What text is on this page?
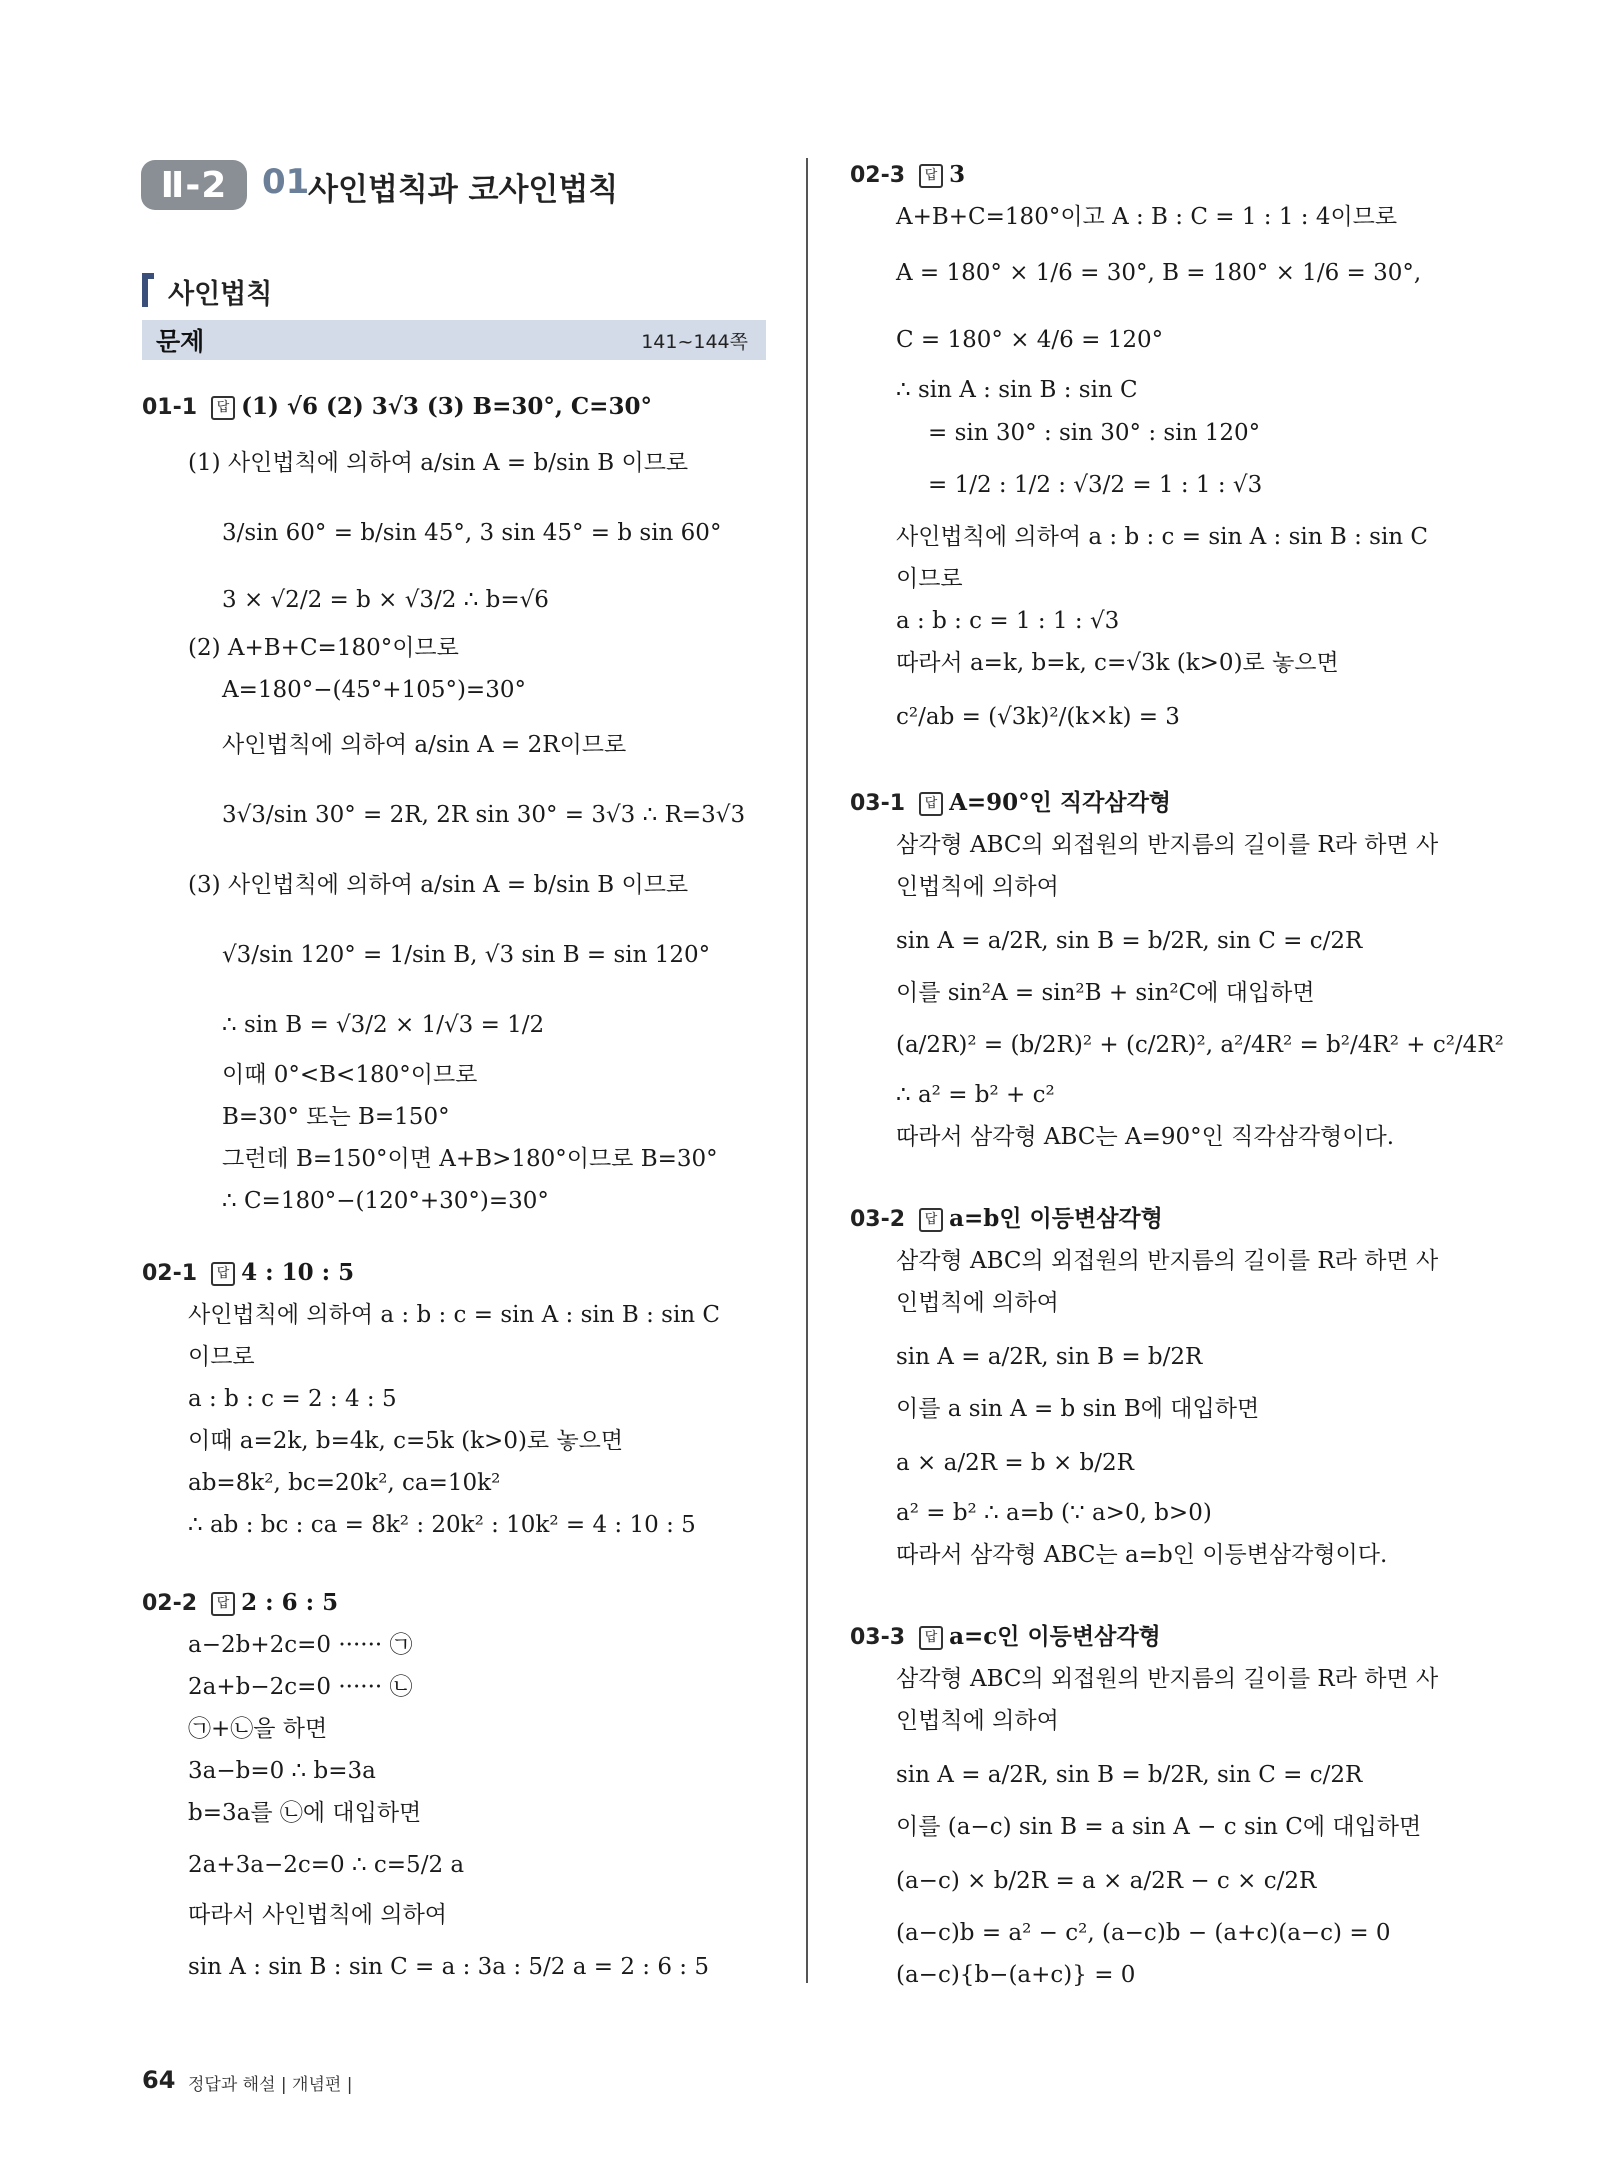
Ⅱ-2	01
사인법칙과 코사인법칙
사인법칙
문제	141~144쪽
01-1 답 (1) √6 (2) 3√3 (3) B=30°, C=30°
(1) 사인법칙에 의하여 a/sin A = b/sin B 이므로
3/sin 60° = b/sin 45°, 3 sin 45° = b sin 60°
3 × √2/2 = b × √3/2 ∴ b=√6
(2) A+B+C=180°이므로
A=180°−(45°+105°)=30°
사인법칙에 의하여 a/sin A = 2R이므로
3√3/sin 30° = 2R, 2R sin 30° = 3√3 ∴ R=3√3
(3) 사인법칙에 의하여 a/sin A = b/sin B 이므로
√3/sin 120° = 1/sin B, √3 sin B = sin 120°
∴ sin B = √3/2 × 1/√3 = 1/2
이때 0°<B<180°이므로
B=30° 또는 B=150°
그런데 B=150°이면 A+B>180°이므로 B=30°
∴ C=180°−(120°+30°)=30°
02-1 답 4 : 10 : 5
사인법칙에 의하여 a : b : c = sin A : sin B : sin C
이므로
a : b : c = 2 : 4 : 5
이때 a=2k, b=4k, c=5k (k>0)로 놓으면
ab=8k², bc=20k², ca=10k²
∴ ab : bc : ca = 8k² : 20k² : 10k² = 4 : 10 : 5
02-2 답 2 : 6 : 5
a−2b+2c=0 ······ ㉠
2a+b−2c=0 ······ ㉡
㉠+㉡을 하면
3a−b=0 ∴ b=3a
b=3a를 ㉡에 대입하면
2a+3a−2c=0 ∴ c=5/2 a
따라서 사인법칙에 의하여
sin A : sin B : sin C = a : 3a : 5/2 a = 2 : 6 : 5
02-3 답 3
A+B+C=180°이고 A : B : C = 1 : 1 : 4이므로
A = 180° × 1/6 = 30°, B = 180° × 1/6 = 30°,
C = 180° × 4/6 = 120°
∴ sin A : sin B : sin C
= sin 30° : sin 30° : sin 120°
= 1/2 : 1/2 : √3/2 = 1 : 1 : √3
사인법칙에 의하여 a : b : c = sin A : sin B : sin C
이므로
a : b : c = 1 : 1 : √3
따라서 a=k, b=k, c=√3k (k>0)로 놓으면
c²/ab = (√3k)²/(k×k) = 3
03-1 답 A=90°인 직각삼각형
삼각형 ABC의 외접원의 반지름의 길이를 R라 하면 사
인법칙에 의하여
sin A = a/2R, sin B = b/2R, sin C = c/2R
이를 sin²A = sin²B + sin²C에 대입하면
(a/2R)² = (b/2R)² + (c/2R)², a²/4R² = b²/4R² + c²/4R²
∴ a² = b² + c²
따라서 삼각형 ABC는 A=90°인 직각삼각형이다.
03-2 답 a=b인 이등변삼각형
삼각형 ABC의 외접원의 반지름의 길이를 R라 하면 사
인법칙에 의하여
sin A = a/2R, sin B = b/2R
이를 a sin A = b sin B에 대입하면
a × a/2R = b × b/2R
a² = b² ∴ a=b (∵ a>0, b>0)
따라서 삼각형 ABC는 a=b인 이등변삼각형이다.
03-3 답 a=c인 이등변삼각형
삼각형 ABC의 외접원의 반지름의 길이를 R라 하면 사
인법칙에 의하여
sin A = a/2R, sin B = b/2R, sin C = c/2R
이를 (a−c) sin B = a sin A − c sin C에 대입하면
(a−c) × b/2R = a × a/2R − c × c/2R
(a−c)b = a² − c², (a−c)b − (a+c)(a−c) = 0
(a−c){b−(a+c)} = 0
64 정답과 해설 | 개념편 |
